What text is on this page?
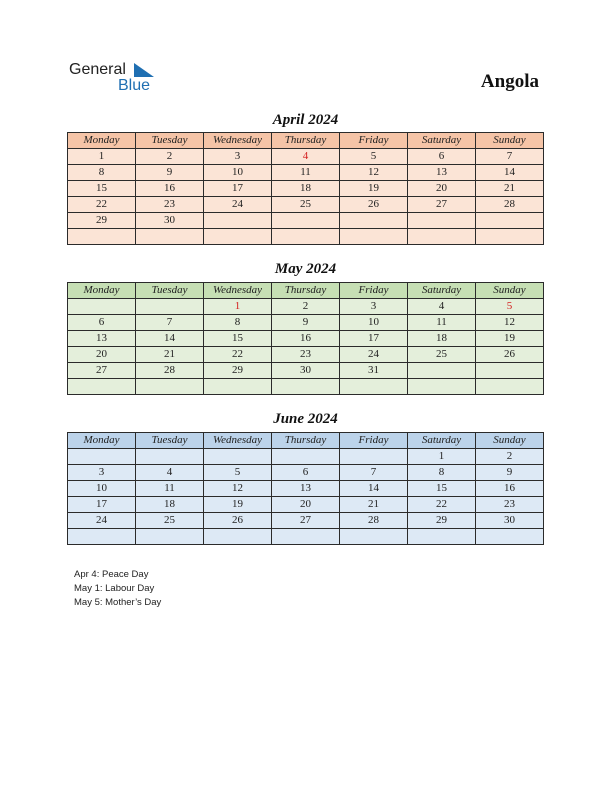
General
Blue	Angola
April 2024
Monday	Tuesday	Wednesday	Thursday	Friday	Saturday	Sunday
1	2	3	4	5	6	7
8	9	10	11	12	13	14
15	16	17	18	19	20	21
22	23	24	25	26	27	28
29	30					

May 2024
Monday	Tuesday	Wednesday	Thursday	Friday	Saturday	Sunday
		1	2	3	4	5
6	7	8	9	10	11	12
13	14	15	16	17	18	19
20	21	22	23	24	25	26
27	28	29	30	31		

June 2024
Monday	Tuesday	Wednesday	Thursday	Friday	Saturday	Sunday
					1	2
3	4	5	6	7	8	9
10	11	12	13	14	15	16
17	18	19	20	21	22	23
24	25	26	27	28	29	30

Apr 4: Peace Day
May 1: Labour Day
May 5: Mother’s Day
